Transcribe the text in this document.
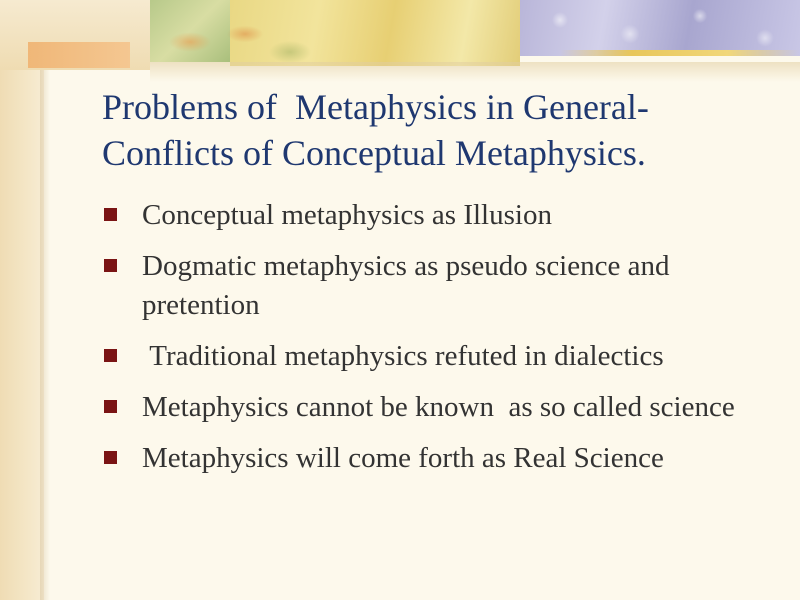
Problems of  Metaphysics in General-
Conflicts of Conceptual Metaphysics.
Conceptual metaphysics as Illusion
Dogmatic metaphysics as pseudo science and pretention
Traditional metaphysics refuted in dialectics
Metaphysics cannot be known  as so called science
Metaphysics will come forth as Real Science
